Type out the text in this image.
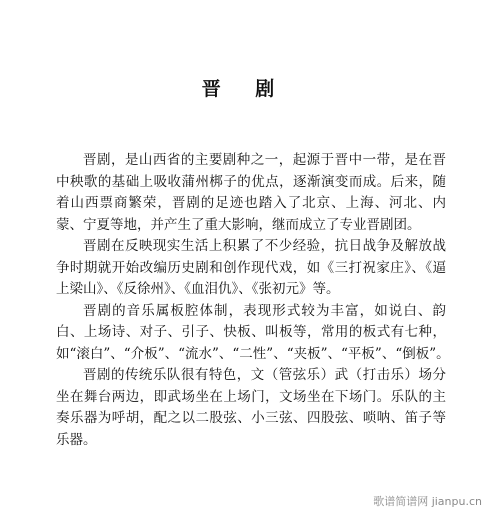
晋 剧
晋剧，是山西省的主要剧种之一，起源于晋中一带，是在晋
中秧歌的基础上吸收蒲州梆子的优点，逐渐演变而成。后来，随
着山西票商繁荣，晋剧的足迹也踏入了北京、上海、河北、内
蒙、宁夏等地，并产生了重大影响，继而成立了专业晋剧团。
晋剧在反映现实生活上积累了不少经验，抗日战争及解放战
争时期就开始改编历史剧和创作现代戏，如《三打祝家庄》、《逼
上梁山》、《反徐州》、《血泪仇》、《张初元》等。
晋剧的音乐属板腔体制，表现形式较为丰富，如说白、韵
白、上场诗、对子、引子、快板、叫板等，常用的板式有七种，
如“滚白”、“介板”、“流水”、“二性”、“夹板”、“平板”、“倒板”。
晋剧的传统乐队很有特色，文（管弦乐）武（打击乐）场分
坐在舞台两边，即武场坐在上场门，文场坐在下场门。乐队的主
奏乐器为呼胡，配之以二股弦、小三弦、四股弦、唢呐、笛子等
乐器。
歌谱简谱网 jianpu.cn
